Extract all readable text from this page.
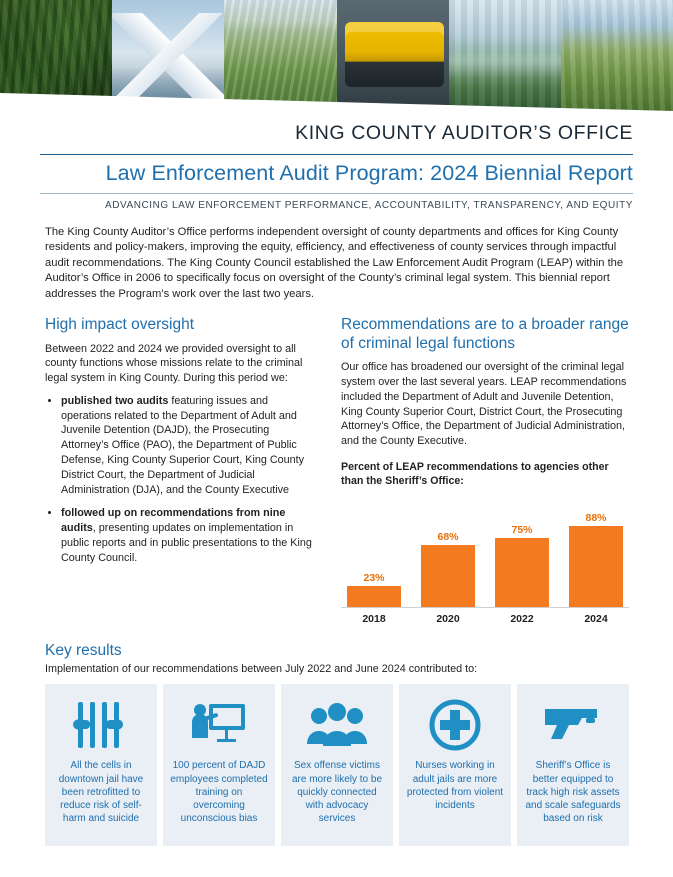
KING COUNTY AUDITOR’S OFFICE
Law Enforcement Audit Program: 2024 Biennial Report
ADVANCING LAW ENFORCEMENT PERFORMANCE, ACCOUNTABILITY, TRANSPARENCY, AND EQUITY
The King County Auditor’s Office performs independent oversight of county departments and offices for King County residents and policy-makers, improving the equity, efficiency, and effectiveness of county services through impactful audit recommendations. The King County Council established the Law Enforcement Audit Program (LEAP) within the Auditor’s Office in 2006 to specifically focus on oversight of the County’s criminal legal system. This biennial report addresses the Program’s work over the last two years.
High impact oversight
Between 2022 and 2024 we provided oversight to all county functions whose missions relate to the criminal legal system in King County. During this period we:
• published two audits featuring issues and operations related to the Department of Adult and Juvenile Detention (DAJD), the Prosecuting Attorney’s Office (PAO), the Department of Public Defense, King County Superior Court, King County District Court, the Department of Judicial Administration (DJA), and the County Executive
• followed up on recommendations from nine audits, presenting updates on implementation in public reports and in public presentations to the King County Council.
Recommendations are to a broader range of criminal legal functions
Our office has broadened our oversight of the criminal legal system over the last several years. LEAP recommendations included the Department of Adult and Juvenile Detention, King County Superior Court, District Court, the Prosecuting Attorney’s Office, the Department of Judicial Administration, and the County Executive.
Percent of LEAP recommendations to agencies other than the Sheriff’s Office:
23%
68%
75%
88%
2018	2020	2022	2024
Key results
Implementation of our recommendations between July 2022 and June 2024 contributed to:
All the cells in downtown jail have been retrofitted to reduce risk of self-harm and suicide
100 percent of DAJD employees completed training on overcoming unconscious bias
Sex offense victims are more likely to be quickly connected with advocacy services
Nurses working in adult jails are more protected from violent incidents
Sheriff’s Office is better equipped to track high risk assets and scale safeguards based on risk
